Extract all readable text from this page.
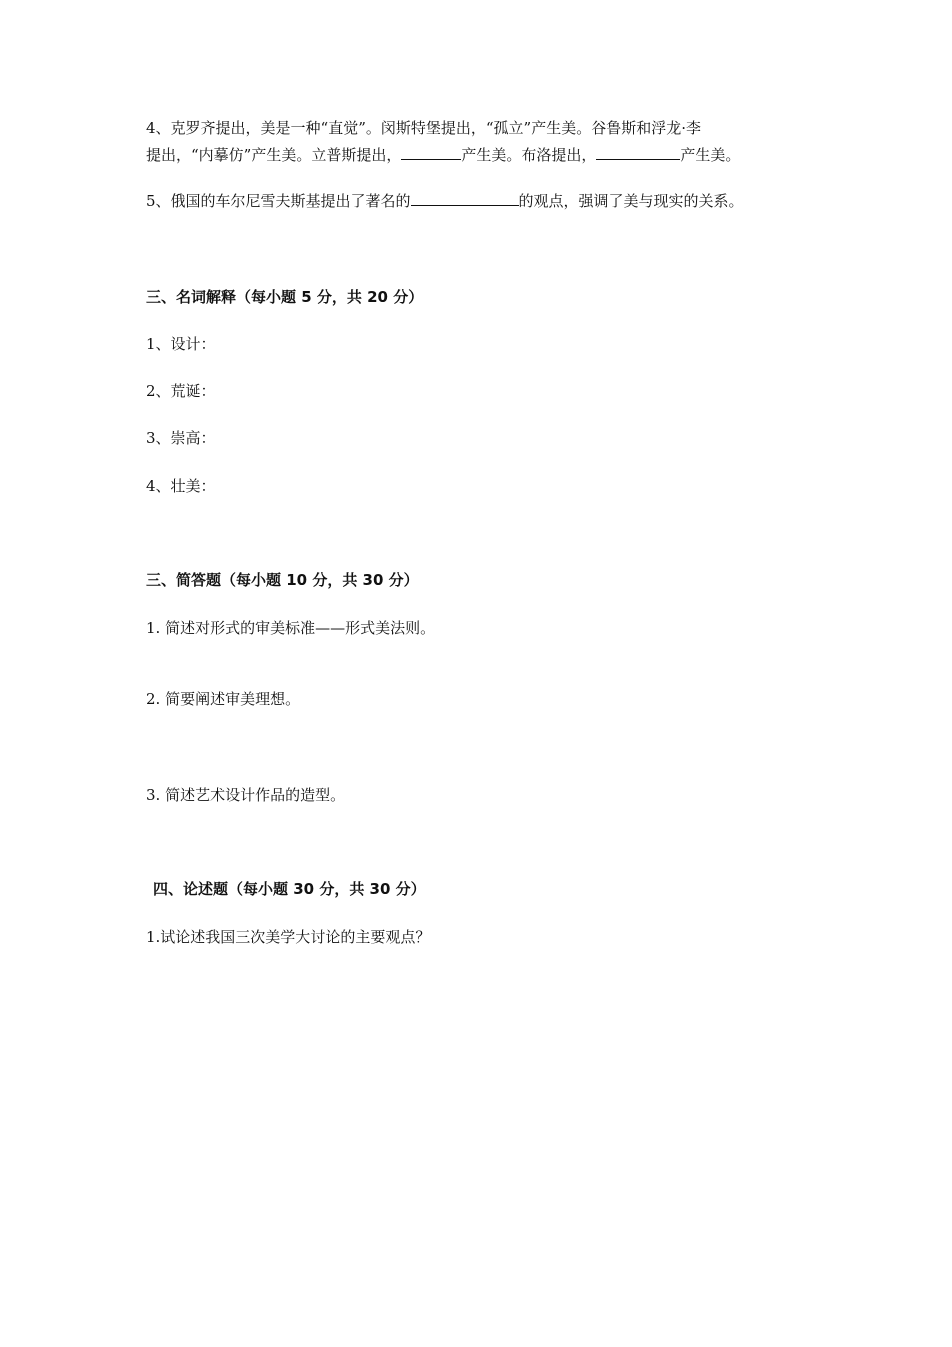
4、克罗齐提出，美是一种“直觉”。闵斯特堡提出，“孤立”产生美。谷鲁斯和浮龙·李
提出，“内摹仿”产生美。立普斯提出，	产生美。布洛提出，	产生美。
5、俄国的车尔尼雪夫斯基提出了著名的	的观点，强调了美与现实的关系。
三、名词解释（每小题 5 分，共 20 分）
1、设计：
2、荒诞：
3、崇高：
4、壮美：
三、简答题（每小题 10 分，共 30 分）
1. 简述对形式的审美标准——形式美法则。
2. 简要阐述审美理想。
3. 简述艺术设计作品的造型。
四、论述题（每小题 30 分，共 30 分）
1.试论述我国三次美学大讨论的主要观点？
